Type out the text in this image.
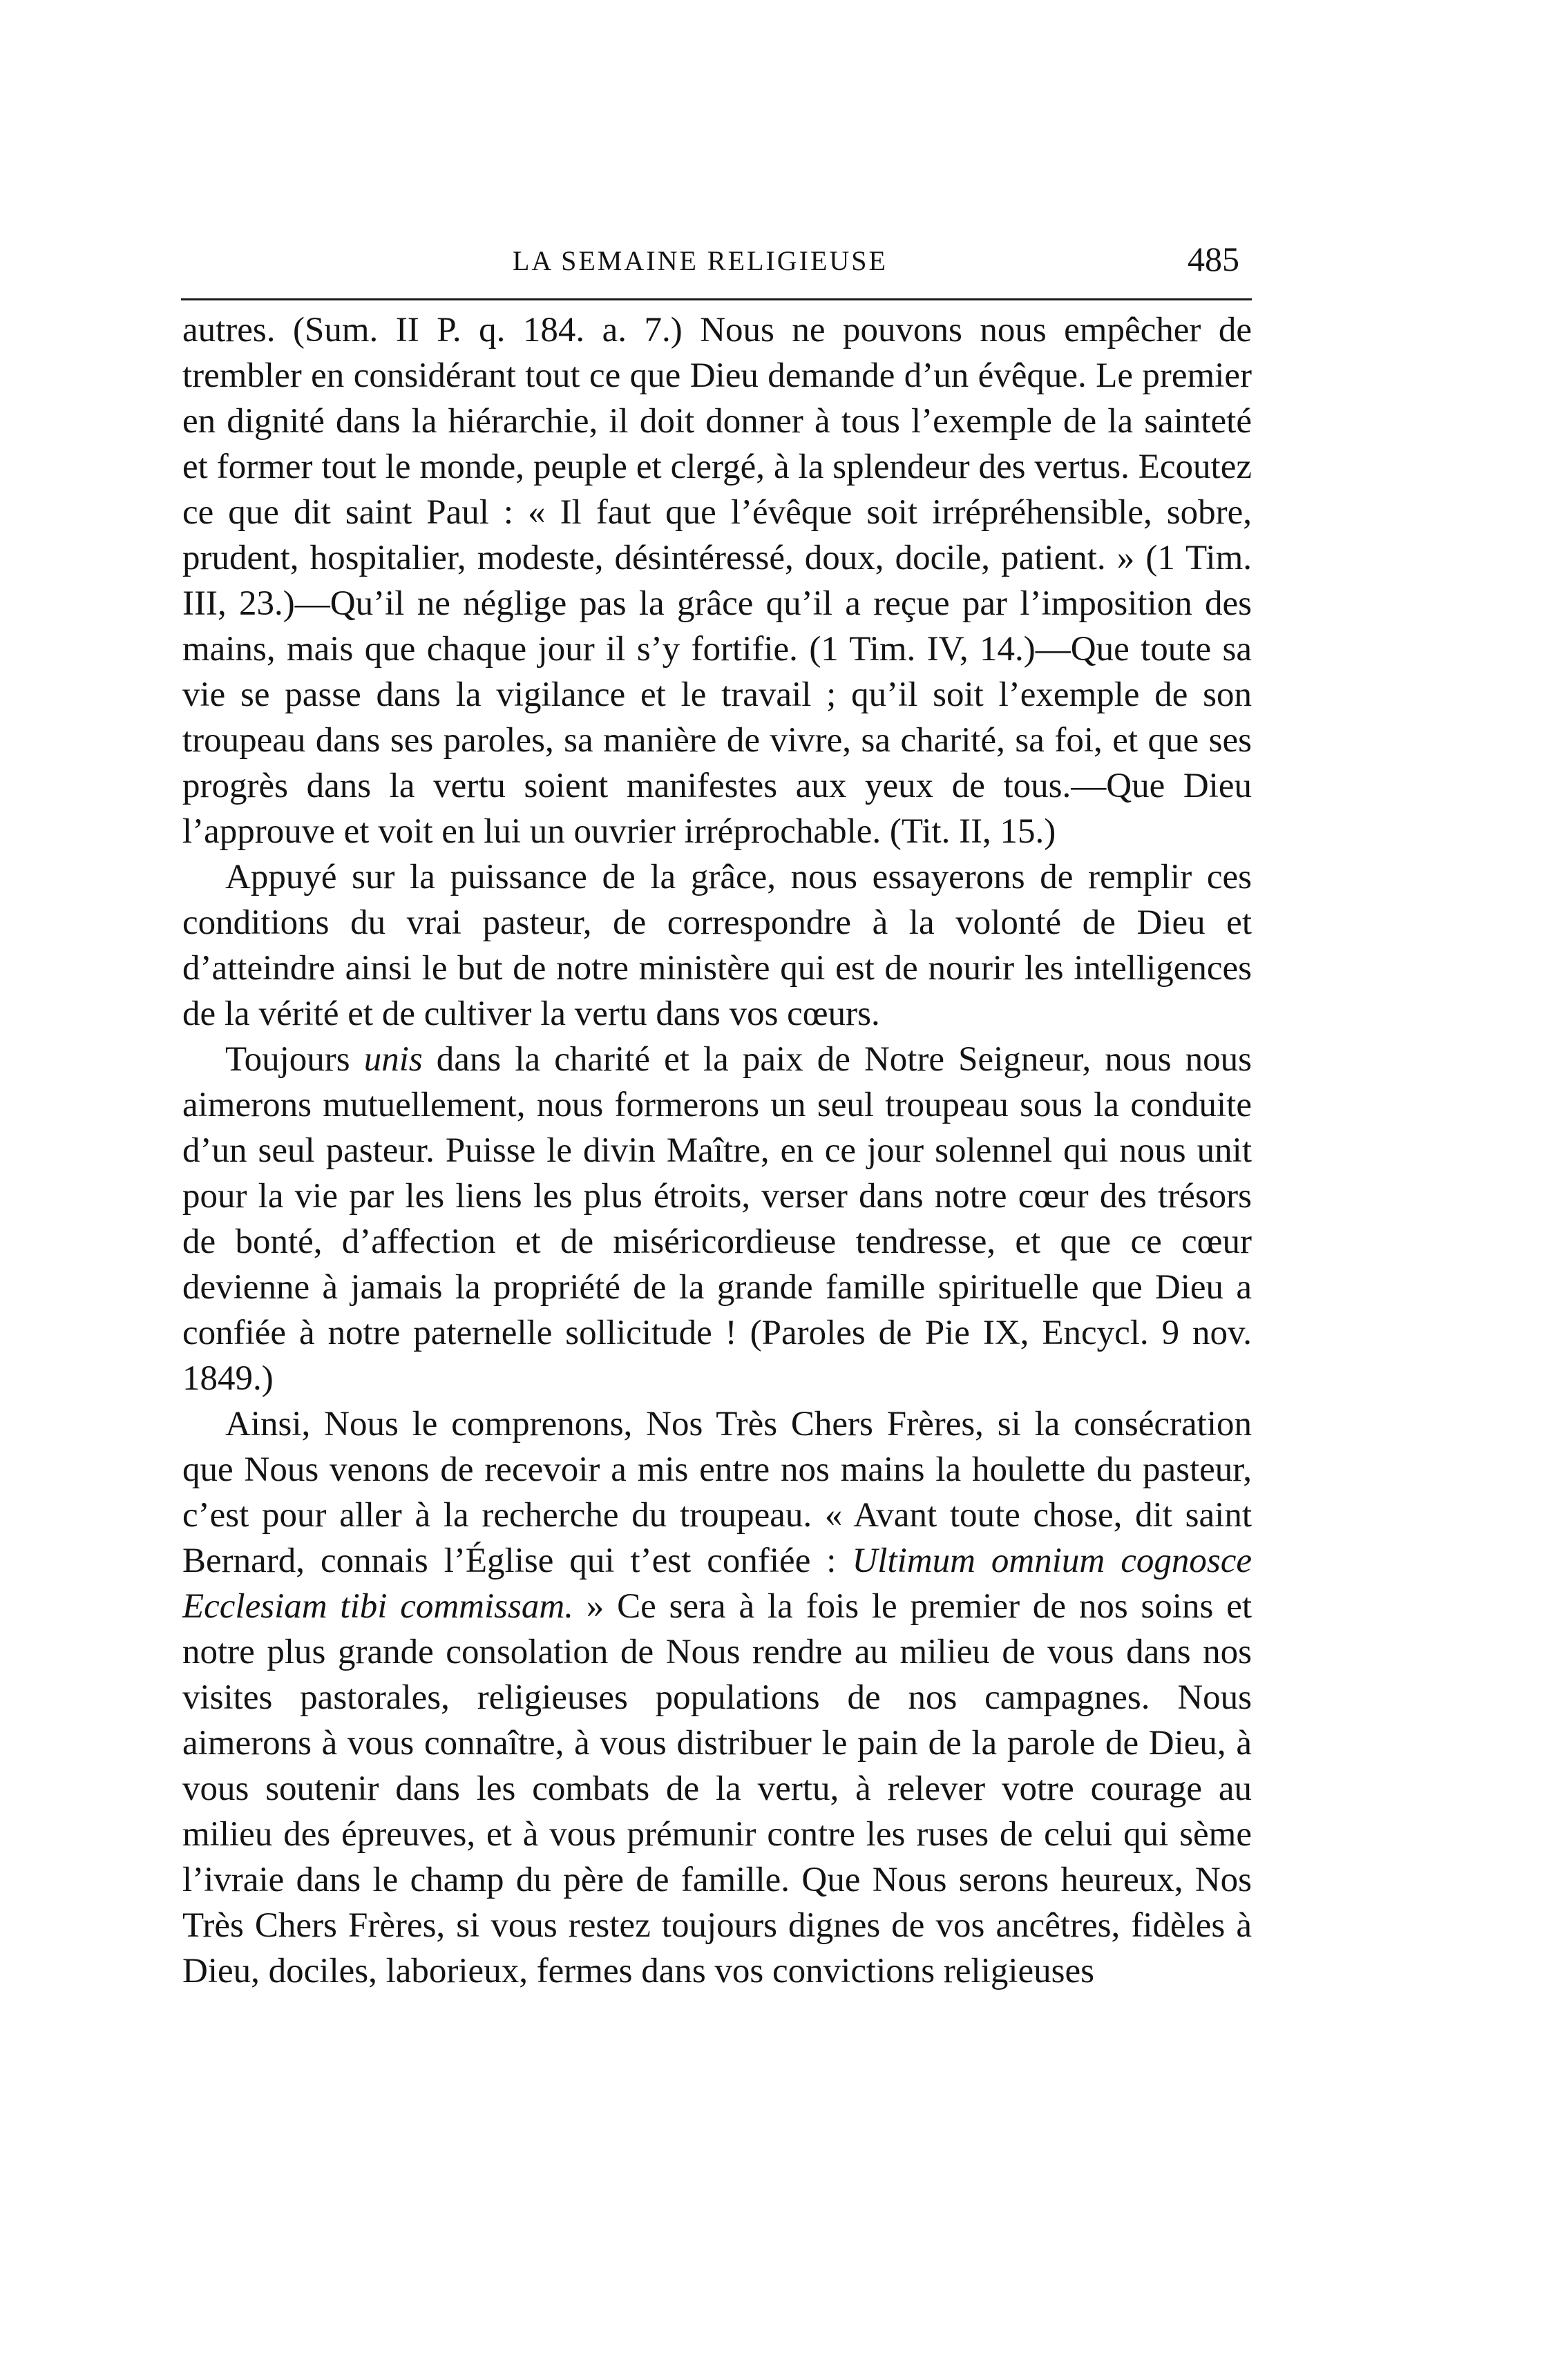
LA SEMAINE RELIGIEUSE	485

autres. (Sum. II P. q. 184. a. 7.) Nous ne pouvons nous empêcher de trembler en considérant tout ce que Dieu demande d’un évêque. Le premier en dignité dans la hiérarchie, il doit donner à tous l’exemple de la sainteté et former tout le monde, peuple et clergé, à la splendeur des vertus. Ecoutez ce que dit saint Paul : « Il faut que l’évêque soit irrépréhensible, sobre, prudent, hospitalier, modeste, désintéressé, doux, docile, patient. » (1 Tim. III, 23.)—Qu’il ne néglige pas la grâce qu’il a reçue par l’imposition des mains, mais que chaque jour il s’y fortifie. (1 Tim. IV, 14.)—Que toute sa vie se passe dans la vigilance et le travail ; qu’il soit l’exemple de son troupeau dans ses paroles, sa manière de vivre, sa charité, sa foi, et que ses progrès dans la vertu soient manifestes aux yeux de tous.—Que Dieu l’approuve et voit en lui un ouvrier irréprochable. (Tit. II, 15.)

Appuyé sur la puissance de la grâce, nous essayerons de remplir ces conditions du vrai pasteur, de correspondre à la volonté de Dieu et d’atteindre ainsi le but de notre ministère qui est de nourir les intelligences de la vérité et de cultiver la vertu dans vos cœurs.

Toujours unis dans la charité et la paix de Notre Seigneur, nous nous aimerons mutuellement, nous formerons un seul troupeau sous la conduite d’un seul pasteur. Puisse le divin Maître, en ce jour solennel qui nous unit pour la vie par les liens les plus étroits, verser dans notre cœur des trésors de bonté, d’affection et de miséricordieuse tendresse, et que ce cœur devienne à jamais la propriété de la grande famille spirituelle que Dieu a confiée à notre paternelle sollicitude ! (Paroles de Pie IX, Encycl. 9 nov. 1849.)

Ainsi, Nous le comprenons, Nos Très Chers Frères, si la consécration que Nous venons de recevoir a mis entre nos mains la houlette du pasteur, c’est pour aller à la recherche du troupeau. « Avant toute chose, dit saint Bernard, connais l’Église qui t’est confiée : Ultimum omnium cognosce Ecclesiam tibi commissam. » Ce sera à la fois le premier de nos soins et notre plus grande consolation de Nous rendre au milieu de vous dans nos visites pastorales, religieuses populations de nos campagnes. Nous aimerons à vous connaître, à vous distribuer le pain de la parole de Dieu, à vous soutenir dans les combats de la vertu, à relever votre courage au milieu des épreuves, et à vous prémunir contre les ruses de celui qui sème l’ivraie dans le champ du père de famille. Que Nous serons heureux, Nos Très Chers Frères, si vous restez toujours dignes de vos ancêtres, fidèles à Dieu, dociles, laborieux, fermes dans vos convictions religieuses
